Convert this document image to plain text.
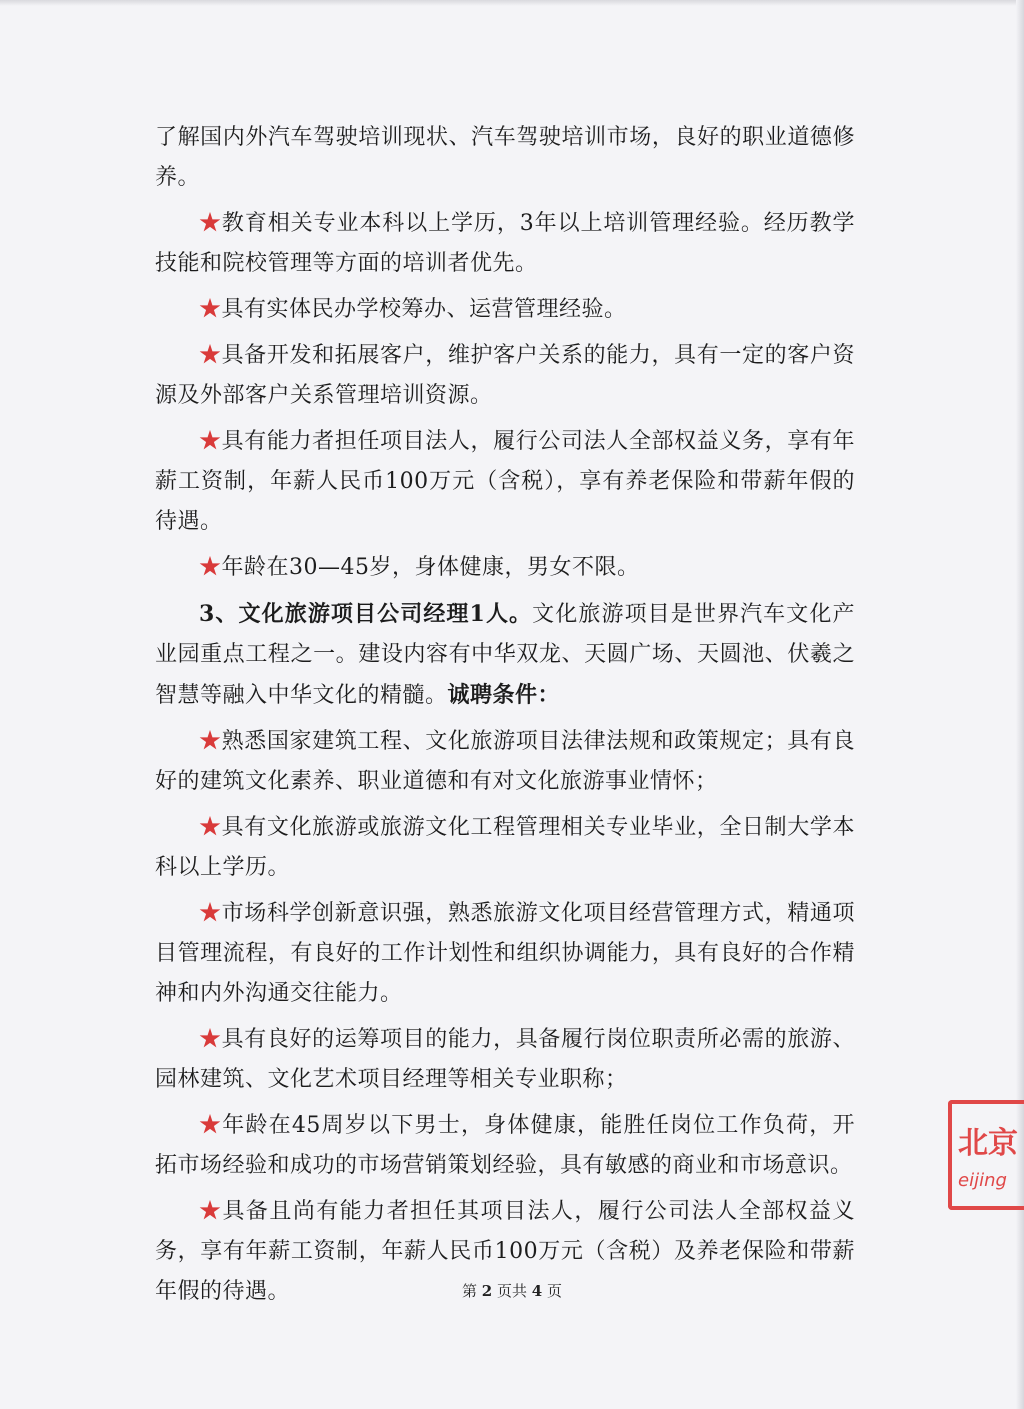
了解国内外汽车驾驶培训现状、汽车驾驶培训市场，良好的职业道德修养。

★教育相关专业本科以上学历，3年以上培训管理经验。经历教学技能和院校管理等方面的培训者优先。

★具有实体民办学校筹办、运营管理经验。

★具备开发和拓展客户，维护客户关系的能力，具有一定的客户资源及外部客户关系管理培训资源。

★具有能力者担任项目法人，履行公司法人全部权益义务，享有年薪工资制，年薪人民币100万元（含税），享有养老保险和带薪年假的待遇。

★年龄在30—45岁，身体健康，男女不限。

3、文化旅游项目公司经理1人。文化旅游项目是世界汽车文化产业园重点工程之一。建设内容有中华双龙、天圆广场、天圆池、伏羲之智慧等融入中华文化的精髓。诚聘条件：

★熟悉国家建筑工程、文化旅游项目法律法规和政策规定；具有良好的建筑文化素养、职业道德和有对文化旅游事业情怀；

★具有文化旅游或旅游文化工程管理相关专业毕业，全日制大学本科以上学历。

★市场科学创新意识强，熟悉旅游文化项目经营管理方式，精通项目管理流程，有良好的工作计划性和组织协调能力，具有良好的合作精神和内外沟通交往能力。

★具有良好的运筹项目的能力，具备履行岗位职责所必需的旅游、园林建筑、文化艺术项目经理等相关专业职称；

★年龄在45周岁以下男士，身体健康，能胜任岗位工作负荷，开拓市场经验和成功的市场营销策划经验，具有敏感的商业和市场意识。

★具备且尚有能力者担任其项目法人，履行公司法人全部权益义务，享有年薪工资制，年薪人民币100万元（含税）及养老保险和带薪年假的待遇。

北京
eijing
第 2 页共 4 页
